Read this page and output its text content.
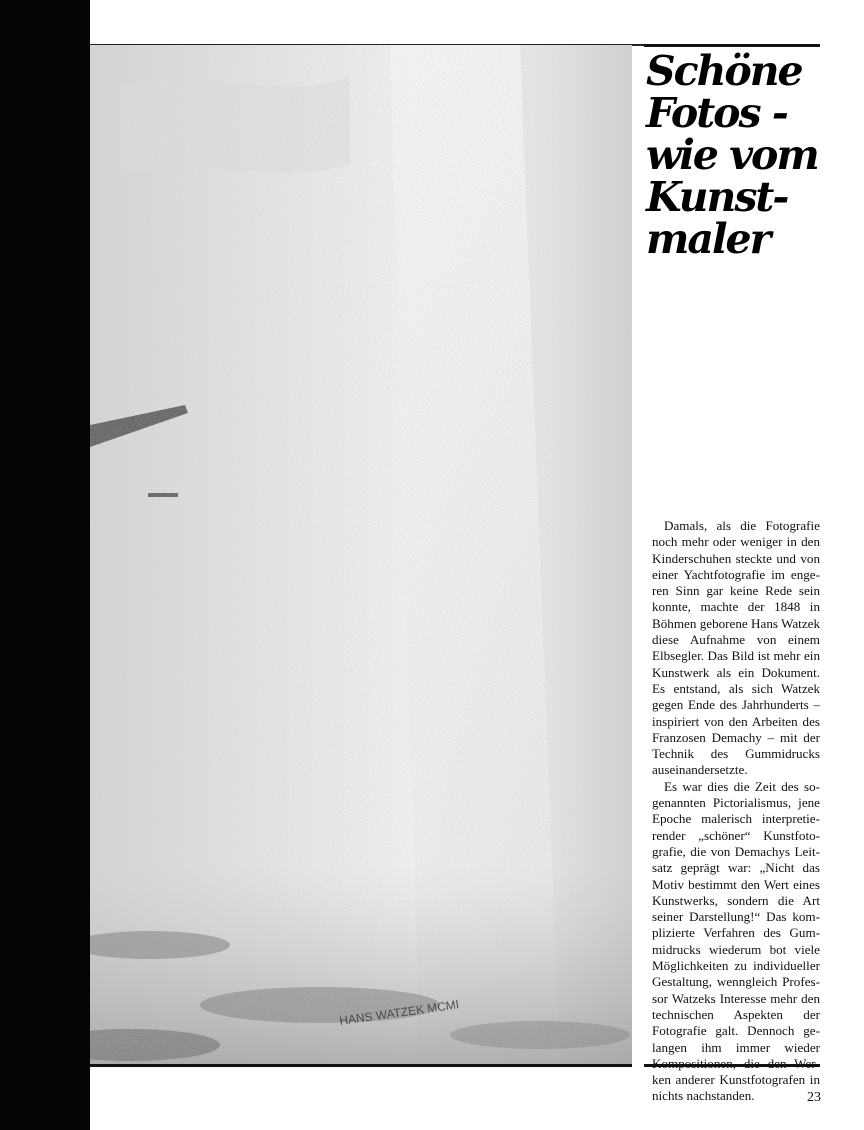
HANS WATZEK MCMI
Schöne
Fotos -
wie vom
Kunst-
maler

Damals, als die Fotografie noch mehr oder weniger in den Kinderschuhen steckte und von einer Yachtfotografie im engeren Sinn gar keine Rede sein konnte, machte der 1848 in Böhmen geborene Hans Watzek diese Aufnahme von einem Elbsegler. Das Bild ist mehr ein Kunstwerk als ein Dokument. Es entstand, als sich Watzek gegen Ende des Jahrhunderts – inspiriert von den Arbeiten des Franzosen Demachy – mit der Technik des Gummidrucks auseinandersetzte.

Es war dies die Zeit des sogenannten Pictorialismus, jene Epoche malerisch interpretierender „schöner“ Kunstfotografie, die von Demachys Leitsatz geprägt war: „Nicht das Motiv bestimmt den Wert eines Kunstwerks, sondern die Art seiner Darstellung!“ Das komplizierte Verfahren des Gummidrucks wiederum bot viele Möglichkeiten zu individueller Gestaltung, wenngleich Professor Watzeks Interesse mehr den technischen Aspekten der Fotografie galt. Dennoch gelangen ihm immer wieder en anderer Kunstfotografen in nichts nachstanden.	23
